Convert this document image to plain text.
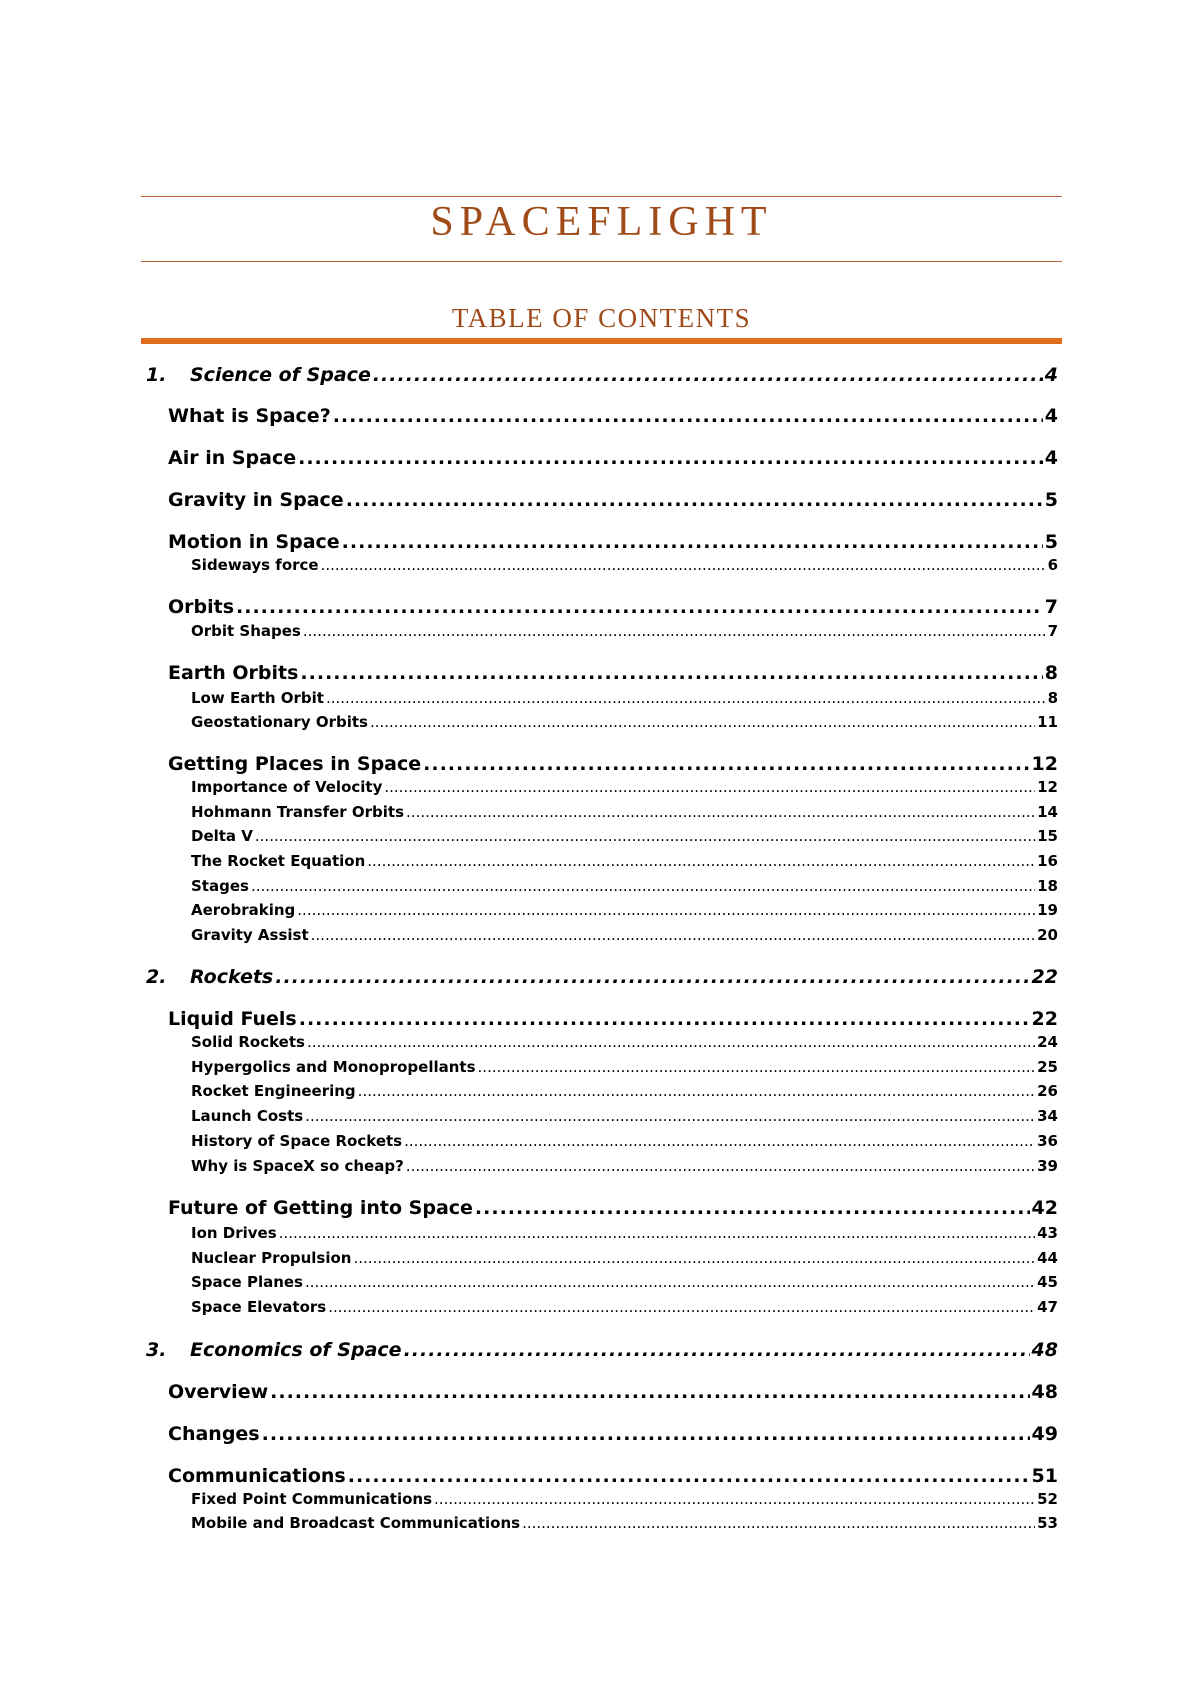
SPACEFLIGHT
TABLE OF CONTENTS
1.	Science of Space .....	4
What is Space? .....	4
Air in Space .....	4
Gravity in Space .....	5
Motion in Space .....	5
Sideways force .....	6
Orbits .....	7
Orbit Shapes .....	7
Earth Orbits .....	8
Low Earth Orbit .....	8
Geostationary Orbits .....	11
Getting Places in Space .....	12
Importance of Velocity .....	12
Hohmann Transfer Orbits .....	14
Delta V .....	15
The Rocket Equation .....	16
Stages .....	18
Aerobraking .....	19
Gravity Assist .....	20
2.	Rockets .....	22
Liquid Fuels .....	22
Solid Rockets .....	24
Hypergolics and Monopropellants .....	25
Rocket Engineering .....	26
Launch Costs .....	34
History of Space Rockets .....	36
Why is SpaceX so cheap? .....	39
Future of Getting into Space .....	42
Ion Drives .....	43
Nuclear Propulsion .....	44
Space Planes .....	45
Space Elevators .....	47
3.	Economics of Space .....	48
Overview .....	48
Changes .....	49
Communications .....	51
Fixed Point Communications .....	52
Mobile and Broadcast Communications .....	53
